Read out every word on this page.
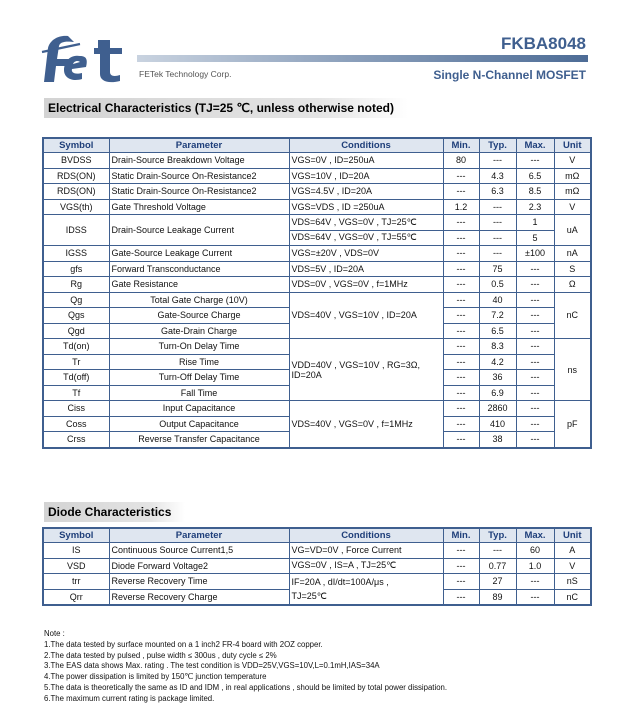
FETek Technology Corp.
FKBA8048
Single N-Channel MOSFET
Electrical Characteristics (TJ=25 ℃, unless otherwise noted)
Symbol	Parameter	Conditions	Min.	Typ.	Max.	Unit
BVDSS	Drain-Source Breakdown Voltage	VGS=0V , ID=250uA	80	---	---	V
RDS(ON)	Static Drain-Source On-Resistance2	VGS=10V , ID=20A	---	4.3	6.5	mΩ
RDS(ON)	Static Drain-Source On-Resistance2	VGS=4.5V , ID=20A	---	6.3	8.5	mΩ
VGS(th)	Gate Threshold Voltage	VGS=VDS , ID =250uA	1.2	---	2.3	V
IDSS	Drain-Source Leakage Current	VDS=64V , VGS=0V , TJ=25℃	---	---	1	uA
		VDS=64V , VGS=0V , TJ=55℃	---	---	5	
IGSS	Gate-Source Leakage Current	VGS=±20V , VDS=0V	---	---	±100	nA
gfs	Forward Transconductance	VDS=5V , ID=20A	---	75	---	S
Rg	Gate Resistance	VDS=0V , VGS=0V , f=1MHz	---	0.5	---	Ω
Qg	Total Gate Charge (10V)	VDS=40V , VGS=10V , ID=20A	---	40	---	nC
Qgs	Gate-Source Charge		---	7.2	---	
Qgd	Gate-Drain Charge		---	6.5	---	
Td(on)	Turn-On Delay Time	VDD=40V , VGS=10V , RG=3Ω,	---	8.3	---	ns
Tr	Rise Time		---	4.2	---	
Td(off)	Turn-Off Delay Time	ID=20A	---	36	---	
Tf	Fall Time		---	6.9	---	
Ciss	Input Capacitance	VDS=40V , VGS=0V , f=1MHz	---	2860	---	pF
Coss	Output Capacitance		---	410	---	
Crss	Reverse Transfer Capacitance		---	38	---	
Diode Characteristics
Symbol	Parameter	Conditions	Min.	Typ.	Max.	Unit
IS	Continuous Source Current1,5	VG=VD=0V , Force Current	---	---	60	A
VSD	Diode Forward Voltage2	VGS=0V , IS=A , TJ=25℃	---	0.77	1.0	V
trr	Reverse Recovery Time	IF=20A , dI/dt=100A/μs ,	---	27	---	nS
Qrr	Reverse Recovery Charge	TJ=25℃	---	89	---	nC
Note :
1.The data tested by surface mounted on a 1 inch2 FR-4 board with 2OZ copper.
2.The data tested by pulsed , pulse width ≤ 300us , duty cycle ≤ 2%
3.The EAS data shows Max. rating . The test condition is VDD=25V,VGS=10V,L=0.1mH,IAS=34A
4.The power dissipation is limited by 150℃ junction temperature
5.The data is theoretically the same as ID and IDM , in real applications , should be limited by total power dissipation.
6.The maximum current rating is package limited.
